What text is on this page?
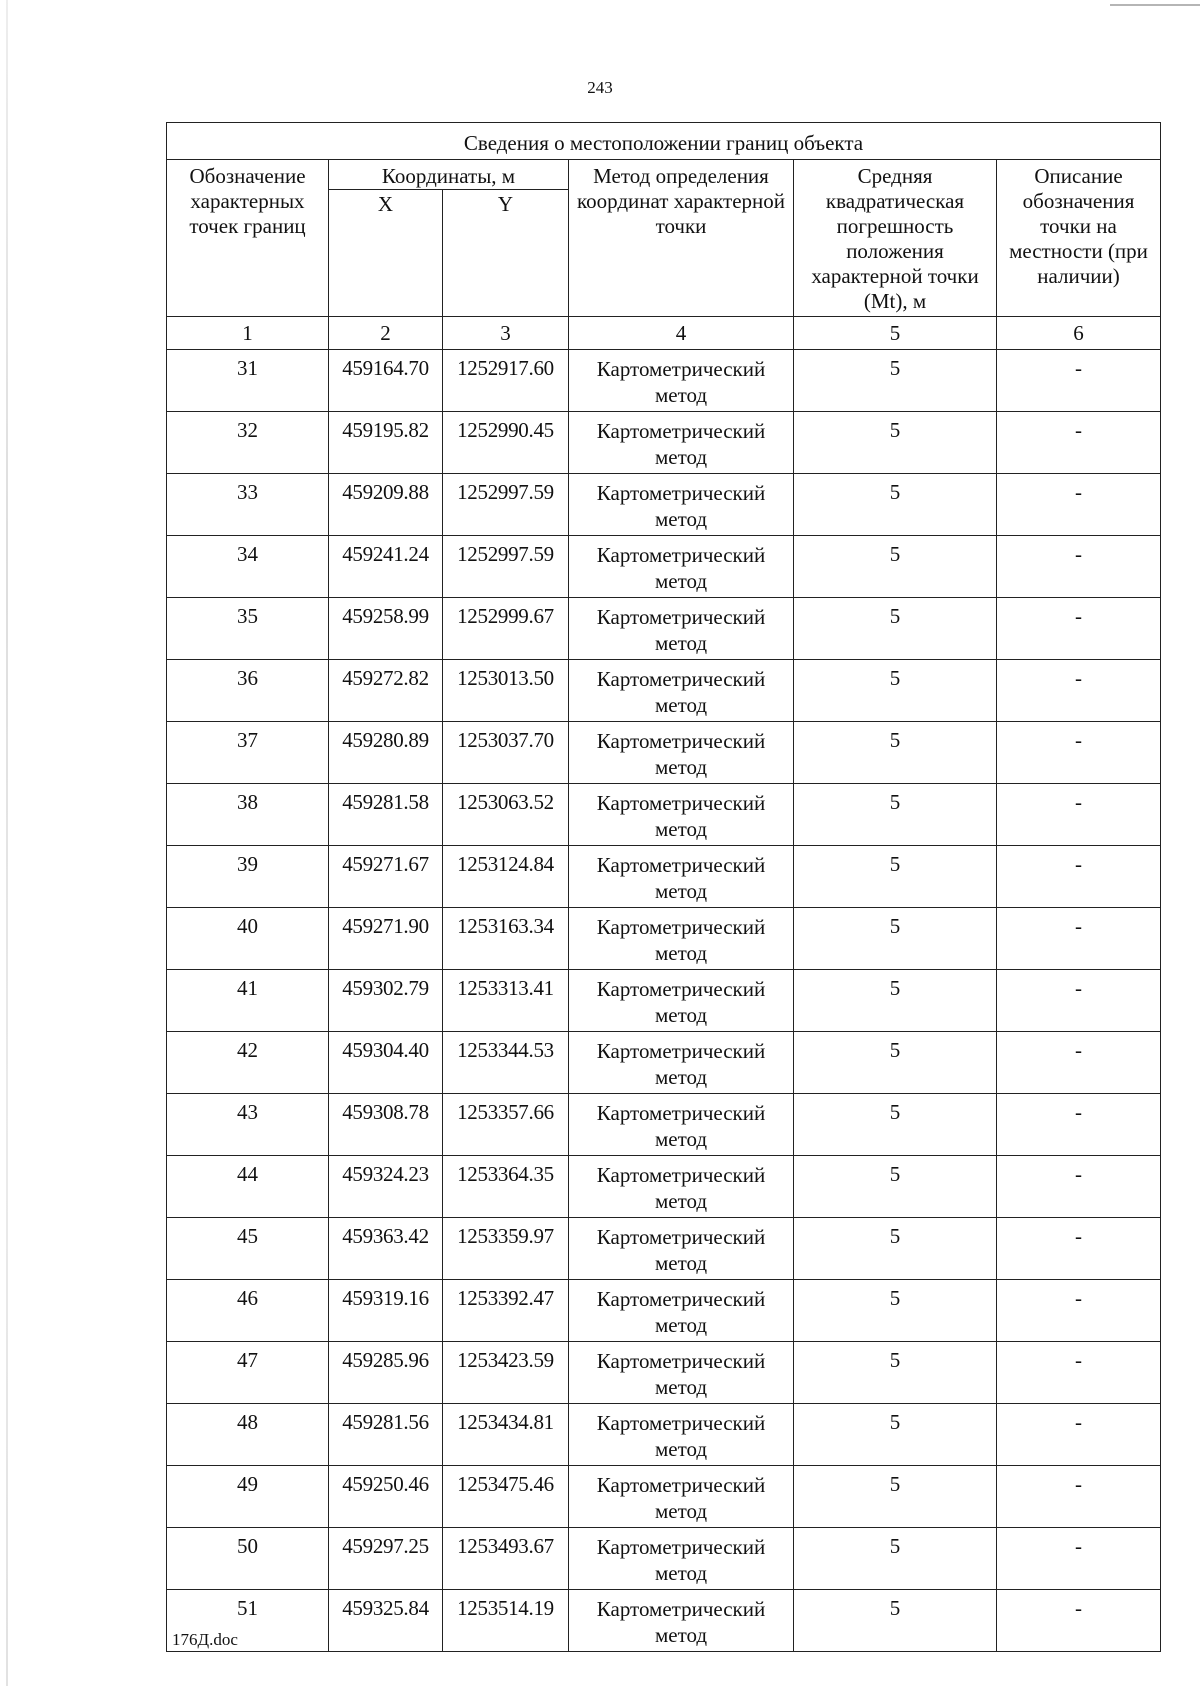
243
Сведения о местоположении границ объекта					
Обозначение характерных точек границ	Координаты, м		Метод определения координат характерной точки	Средняя квадратическая погрешность положения характерной точки (Mt), м	Описание обозначения точки на местности (при наличии)
	X	Y			
1	2	3	4	5	6
31	459164.70	1252917.60	Картометрический метод	5	-
32	459195.82	1252990.45	Картометрический метод	5	-
33	459209.88	1252997.59	Картометрический метод	5	-
34	459241.24	1252997.59	Картометрический метод	5	-
35	459258.99	1252999.67	Картометрический метод	5	-
36	459272.82	1253013.50	Картометрический метод	5	-
37	459280.89	1253037.70	Картометрический метод	5	-
38	459281.58	1253063.52	Картометрический метод	5	-
39	459271.67	1253124.84	Картометрический метод	5	-
40	459271.90	1253163.34	Картометрический метод	5	-
41	459302.79	1253313.41	Картометрический метод	5	-
42	459304.40	1253344.53	Картометрический метод	5	-
43	459308.78	1253357.66	Картометрический метод	5	-
44	459324.23	1253364.35	Картометрический метод	5	-
45	459363.42	1253359.97	Картометрический метод	5	-
46	459319.16	1253392.47	Картометрический метод	5	-
47	459285.96	1253423.59	Картометрический метод	5	-
48	459281.56	1253434.81	Картометрический метод	5	-
49	459250.46	1253475.46	Картометрический метод	5	-
50	459297.25	1253493.67	Картометрический метод	5	-
51	459325.84	1253514.19	Картометрический метод	5	-
176Д.doc
